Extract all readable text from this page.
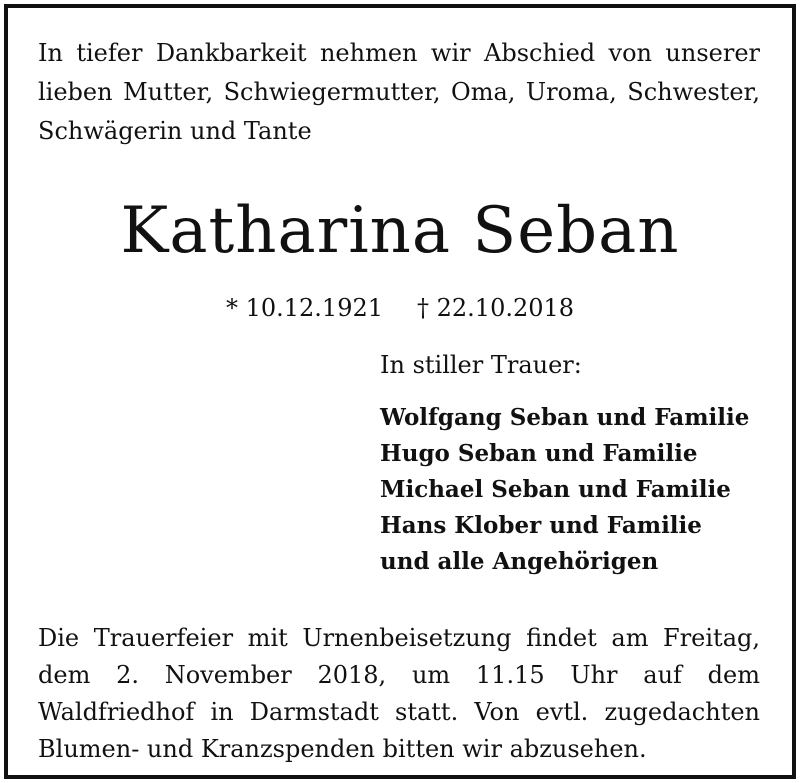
In tiefer Dankbarkeit nehmen wir Abschied von unserer lieben Mutter, Schwiegermutter, Oma, Uroma, Schwester, Schwägerin und Tante

Katharina Seban
* 10.12.1921 † 22.10.2018
In stiller Trauer:
Wolfgang Seban und Familie
Hugo Seban und Familie
Michael Seban und Familie
Hans Klober und Familie
und alle Angehörigen

Die Trauerfeier mit Urnenbeisetzung findet am Freitag, dem 2. November 2018, um 11.15 Uhr auf dem Waldfriedhof in Darmstadt statt. Von evtl. zugedachten Blumen- und Kranzspenden bitten wir abzusehen.
